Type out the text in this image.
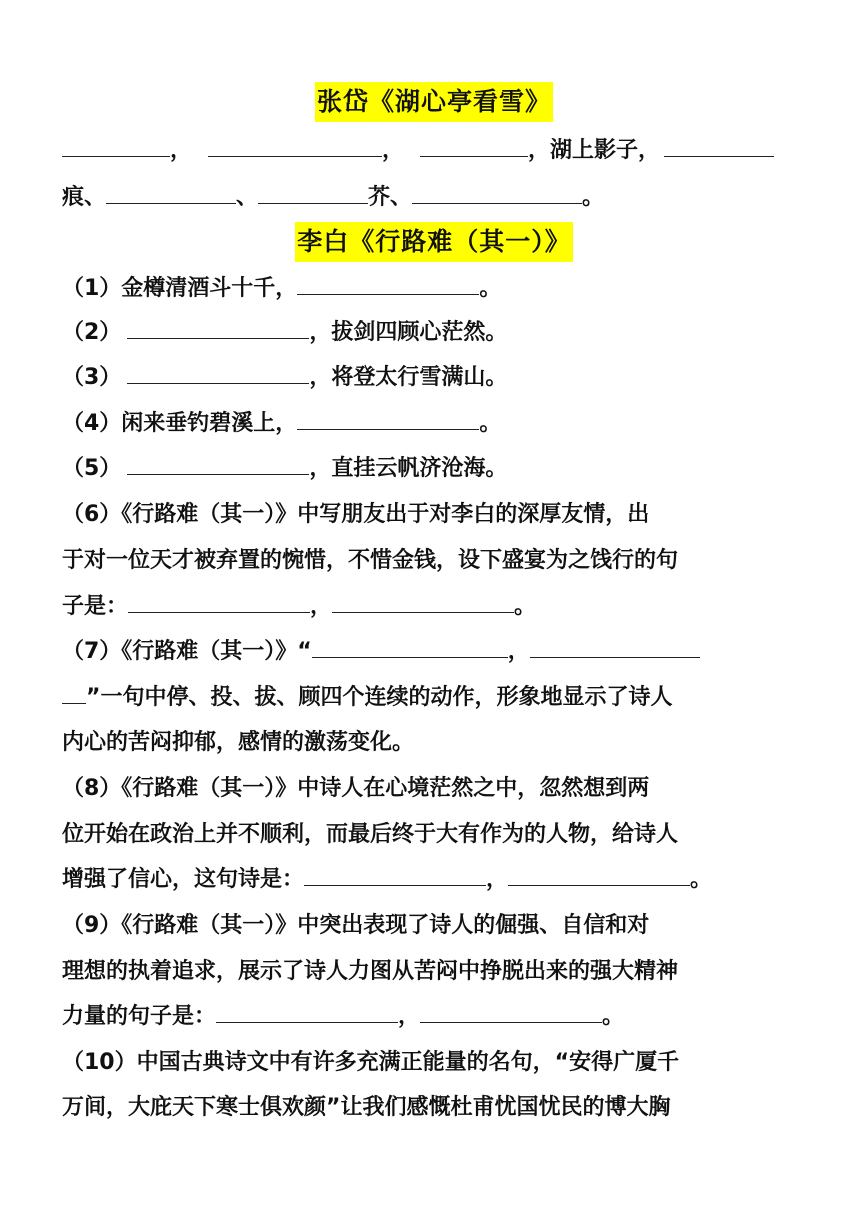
张岱《湖心亭看雪》
，	，	，湖上影子，
痕、	、	芥、	。
李白《行路难（其一）》
（1）金樽清酒斗十千，	。
（2）	，拔剑四顾心茫然。
（3）	，将登太行雪满山。
（4）闲来垂钓碧溪上，	。
（5）	，直挂云帆济沧海。
（6）《行路难（其一）》中写朋友出于对李白的深厚友情，出
于对一位天才被弃置的惋惜，不惜金钱，设下盛宴为之饯行的句
子是：	，	。
（7）《行路难（其一）》“	，
”一句中停、投、拔、顾四个连续的动作，形象地显示了诗人
内心的苦闷抑郁，感情的激荡变化。
（8）《行路难（其一）》中诗人在心境茫然之中，忽然想到两
位开始在政治上并不顺利，而最后终于大有作为的人物，给诗人
增强了信心，这句诗是：	，	。
（9）《行路难（其一）》中突出表现了诗人的倔强、自信和对
理想的执着追求，展示了诗人力图从苦闷中挣脱出来的强大精神
力量的句子是：	，	。
（10）中国古典诗文中有许多充满正能量的名句，“安得广厦千
万间，大庇天下寒士俱欢颜”让我们感慨杜甫忧国忧民的博大胸
